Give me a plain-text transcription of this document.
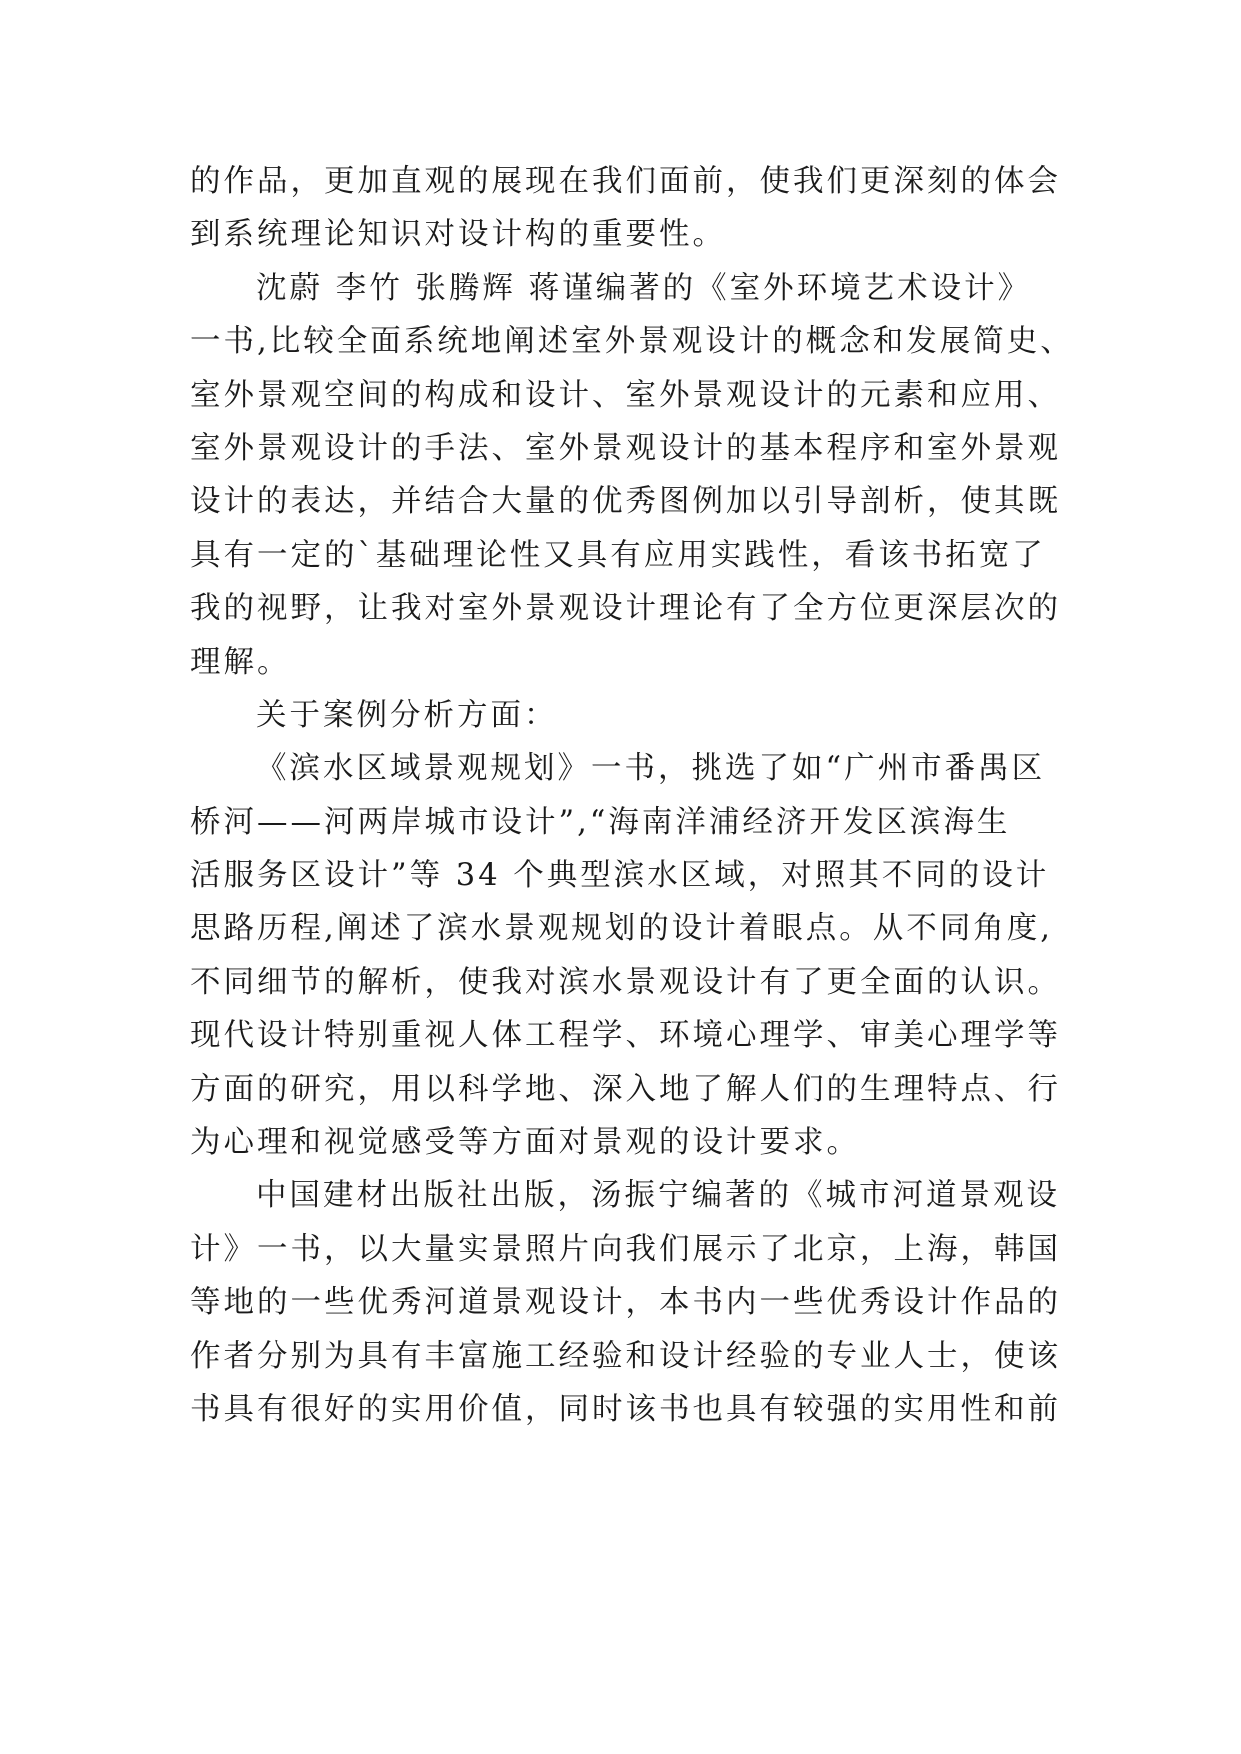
的作品，更加直观的展现在我们面前，使我们更深刻的体会
到系统理论知识对设计构的重要性。
沈蔚 李竹 张腾辉 蒋谨编著的《室外环境艺术设计》
一书,比较全面系统地阐述室外景观设计的概念和发展简史、
室外景观空间的构成和设计、室外景观设计的元素和应用、
室外景观设计的手法、室外景观设计的基本程序和室外景观
设计的表达，并结合大量的优秀图例加以引导剖析，使其既
具有一定的`基础理论性又具有应用实践性，看该书拓宽了
我的视野，让我对室外景观设计理论有了全方位更深层次的
理解。
关于案例分析方面：
《滨水区域景观规划》一书，挑选了如“广州市番禺区
桥河——河两岸城市设计”,“海南洋浦经济开发区滨海生
活服务区设计”等 34 个典型滨水区域，对照其不同的设计
思路历程,阐述了滨水景观规划的设计着眼点。从不同角度,
不同细节的解析，使我对滨水景观设计有了更全面的认识。
现代设计特别重视人体工程学、环境心理学、审美心理学等
方面的研究，用以科学地、深入地了解人们的生理特点、行
为心理和视觉感受等方面对景观的设计要求。
中国建材出版社出版，汤振宁编著的《城市河道景观设
计》一书，以大量实景照片向我们展示了北京，上海，韩国
等地的一些优秀河道景观设计，本书内一些优秀设计作品的
作者分别为具有丰富施工经验和设计经验的专业人士，使该
书具有很好的实用价值，同时该书也具有较强的实用性和前
